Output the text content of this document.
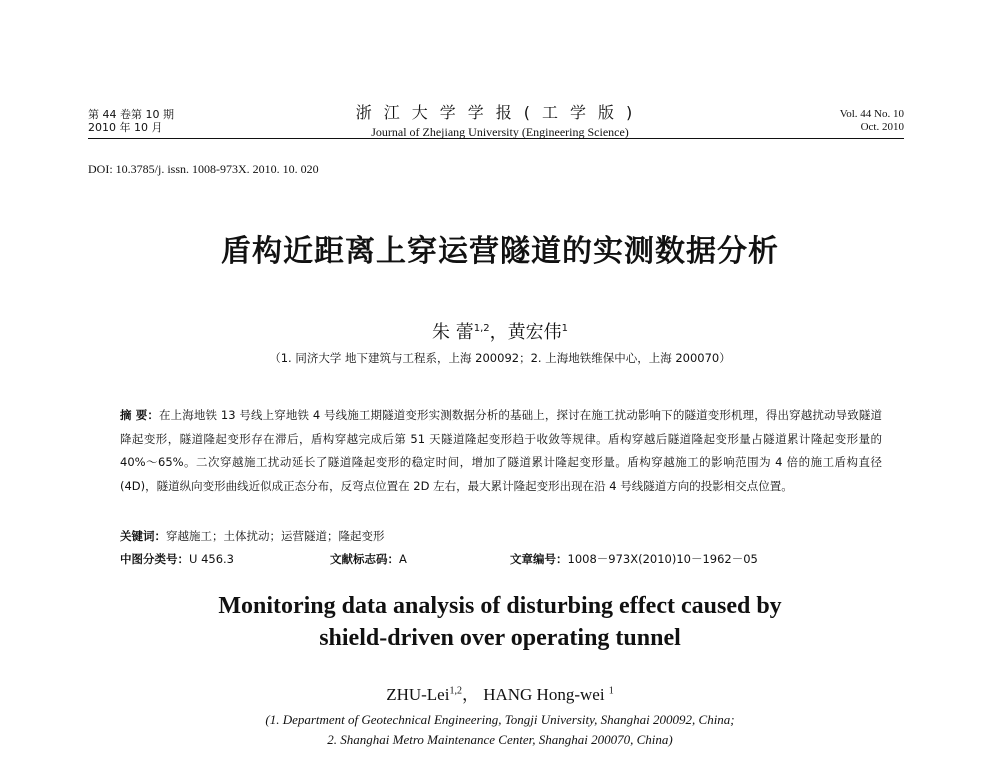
第 44 卷第 10 期
2010 年 10 月
浙江大学学报(工学版)
Journal of Zhejiang University (Engineering Science)
Vol. 44 No. 10
Oct. 2010
DOI: 10.3785/j. issn. 1008-973X. 2010. 10. 020
盾构近距离上穿运营隧道的实测数据分析
朱 蕾$^{1,2}$，黄宏伟$^1$
（1. 同济大学 地下建筑与工程系，上海 200092；2. 上海地铁维保中心，上海 200070）
摘 要：在上海地铁 13 号线上穿地铁 4 号线施工期隧道变形实测数据分析的基础上，探讨在施工扰动影响下的隧道变形机理，得出穿越扰动导致隧道降起变形，隧道隆起变形存在滞后，盾构穿越完成后第 51 天隧道隆起变形趋于收敛等规律。盾构穿越后隧道隆起变形量占隧道累计隆起变形量的 40%～65%。二次穿越施工扰动延长了隧道隆起变形的稳定时间，增加了隧道累计隆起变形量。盾构穿越施工的影响范围为 4 倍的施工盾构直径(4D)，隧道纵向变形曲线近似成正态分布，反弯点位置在 2D 左右，最大累计隆起变形出现在沿 4 号线隧道方向的投影相交点位置。
关键词：穿越施工；土体扰动；运营隧道；隆起变形
中图分类号：U 456.3	文献标志码：A	文章编号：1008－973X(2010)10－1962－05
Monitoring data analysis of disturbing effect caused by
shield-driven over operating tunnel
ZHU-Lei$^{1,2}$， HANG Hong-wei $^1$
(1. Department of Geotechnical Engineering, Tongji University, Shanghai 200092, China;
2. Shanghai Metro Maintenance Center, Shanghai 200070, China)
